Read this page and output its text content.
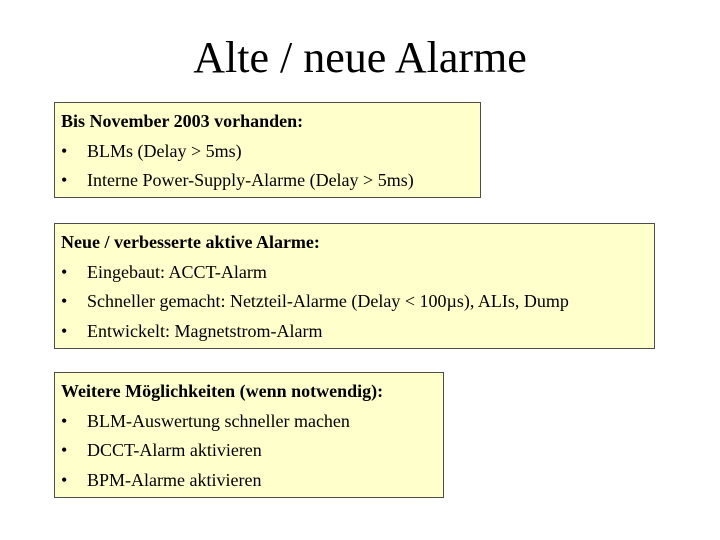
Alte / neue Alarme
Bis November 2003 vorhanden:
•	BLMs (Delay > 5ms)
•	Interne Power-Supply-Alarme (Delay > 5ms)
Neue / verbesserte aktive Alarme:
•	Eingebaut: ACCT-Alarm
•	Schneller gemacht: Netzteil-Alarme (Delay < 100µs), ALIs, Dump
•	Entwickelt: Magnetstrom-Alarm
Weitere Möglichkeiten (wenn notwendig):
•	BLM-Auswertung schneller machen
•	DCCT-Alarm aktivieren
•	BPM-Alarme aktivieren
